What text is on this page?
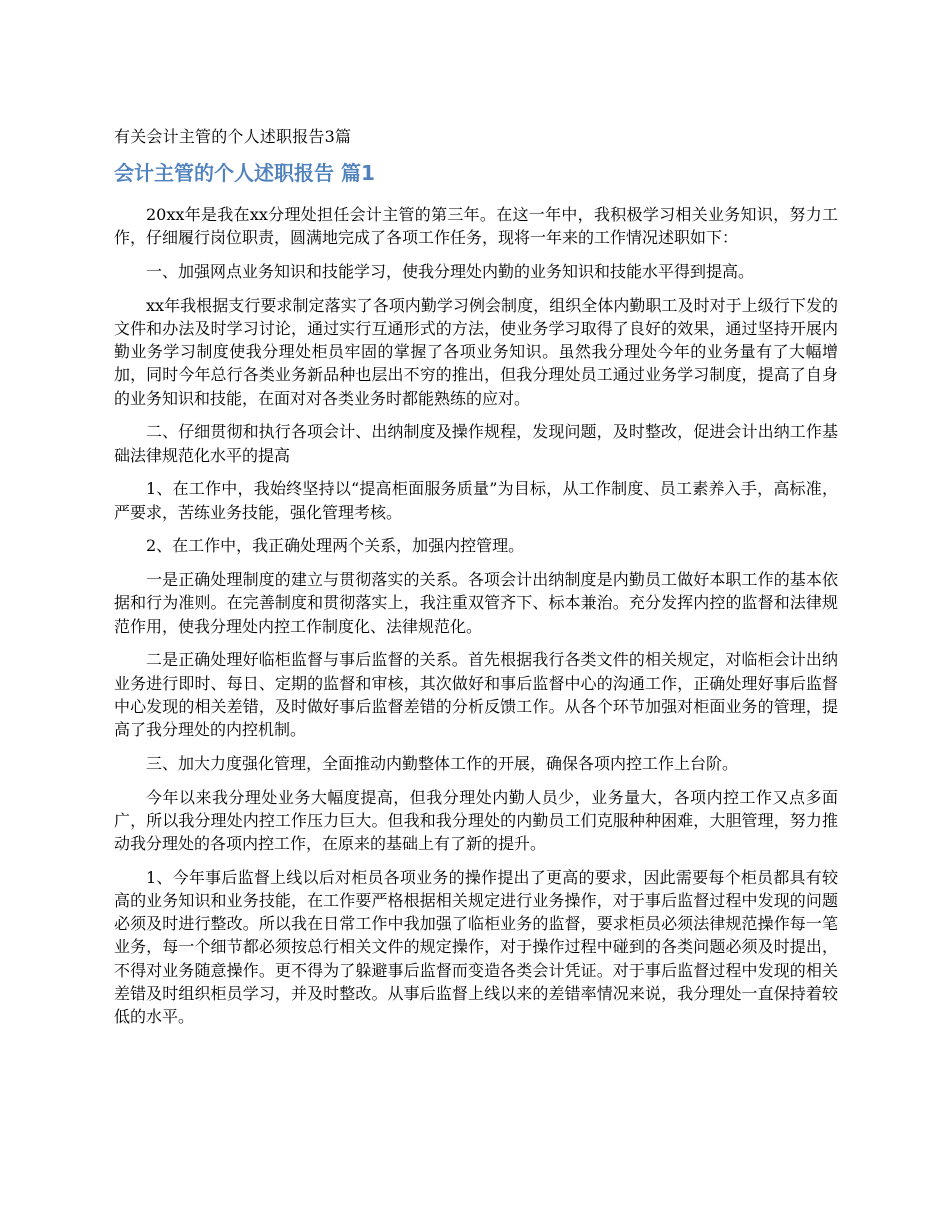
有关会计主管的个人述职报告3篇
会计主管的个人述职报告 篇1

20xx年是我在xx分理处担任会计主管的第三年。在这一年中，我积极学习相关业务知识，努力工作，仔细履行岗位职责，圆满地完成了各项工作任务，现将一年来的工作情况述职如下：

一、加强网点业务知识和技能学习，使我分理处内勤的业务知识和技能水平得到提高。

xx年我根据支行要求制定落实了各项内勤学习例会制度，组织全体内勤职工及时对于上级行下发的文件和办法及时学习讨论，通过实行互通形式的方法，使业务学习取得了良好的效果，通过坚持开展内勤业务学习制度使我分理处柜员牢固的掌握了各项业务知识。虽然我分理处今年的业务量有了大幅增加，同时今年总行各类业务新品种也层出不穷的推出，但我分理处员工通过业务学习制度，提高了自身的业务知识和技能，在面对对各类业务时都能熟练的应对。

二、仔细贯彻和执行各项会计、出纳制度及操作规程，发现问题，及时整改，促进会计出纳工作基础法律规范化水平的提高

1、在工作中，我始终坚持以“提高柜面服务质量”为目标，从工作制度、员工素养入手，高标准，严要求，苦练业务技能，强化管理考核。

2、在工作中，我正确处理两个关系，加强内控管理。

一是正确处理制度的建立与贯彻落实的关系。各项会计出纳制度是内勤员工做好本职工作的基本依据和行为准则。在完善制度和贯彻落实上，我注重双管齐下、标本兼治。充分发挥内控的监督和法律规范作用，使我分理处内控工作制度化、法律规范化。

二是正确处理好临柜监督与事后监督的关系。首先根据我行各类文件的相关规定，对临柜会计出纳业务进行即时、每日、定期的监督和审核，其次做好和事后监督中心的沟通工作，正确处理好事后监督中心发现的相关差错，及时做好事后监督差错的分析反馈工作。从各个环节加强对柜面业务的管理，提高了我分理处的内控机制。

三、加大力度强化管理，全面推动内勤整体工作的开展，确保各项内控工作上台阶。

今年以来我分理处业务大幅度提高，但我分理处内勤人员少，业务量大，各项内控工作又点多面广，所以我分理处内控工作压力巨大。但我和我分理处的内勤员工们克服种种困难，大胆管理，努力推动我分理处的各项内控工作，在原来的基础上有了新的提升。

1、今年事后监督上线以后对柜员各项业务的操作提出了更高的要求，因此需要每个柜员都具有较高的业务知识和业务技能，在工作要严格根据相关规定进行业务操作，对于事后监督过程中发现的问题必须及时进行整改。所以我在日常工作中我加强了临柜业务的监督，要求柜员必须法律规范操作每一笔业务，每一个细节都必须按总行相关文件的规定操作，对于操作过程中碰到的各类问题必须及时提出，不得对业务随意操作。更不得为了躲避事后监督而变造各类会计凭证。对于事后监督过程中发现的相关差错及时组织柜员学习，并及时整改。从事后监督上线以来的差错率情况来说，我分理处一直保持着较低的水平。
